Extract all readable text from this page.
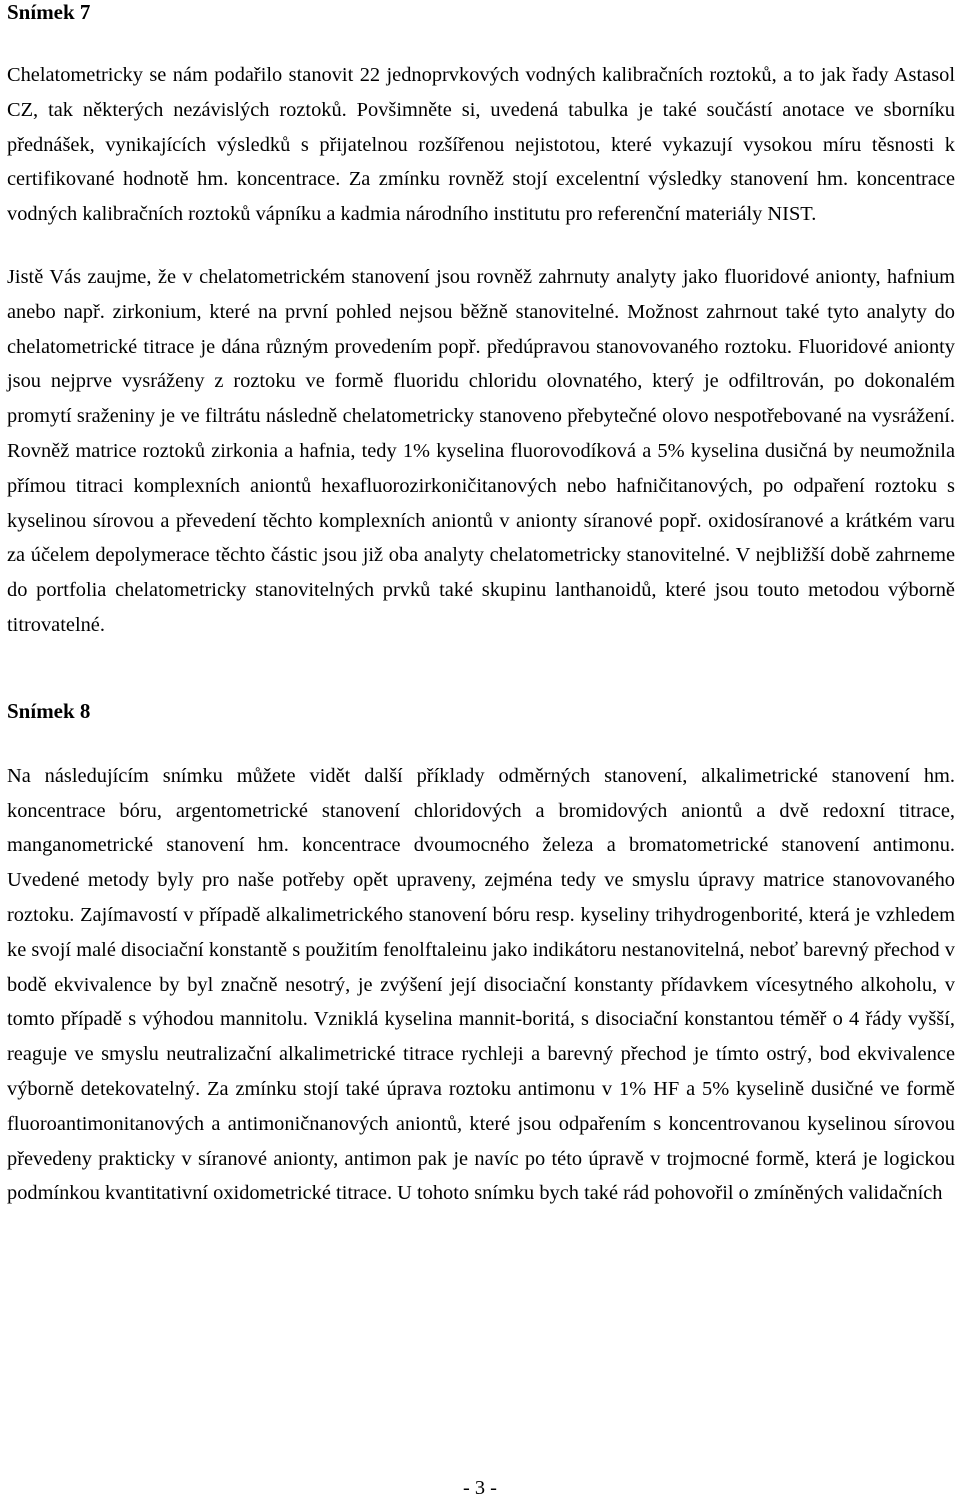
Snímek 7

Chelatometricky se nám podařilo stanovit 22 jednoprvkových vodných kalibračních roztoků, a to jak řady Astasol CZ, tak některých nezávislých roztoků. Povšimněte si, uvedená tabulka je také součástí anotace ve sborníku přednášek, vynikajících výsledků s přijatelnou rozšířenou nejistotou, které vykazují vysokou míru těsnosti k certifikované hodnotě hm. koncentrace. Za zmínku rovněž stojí excelentní výsledky stanovení hm. koncentrace vodných kalibračních roztoků vápníku a kadmia národního institutu pro referenční materiály NIST.

Jistě Vás zaujme, že v chelatometrickém stanovení jsou rovněž zahrnuty analyty jako fluoridové anionty, hafnium anebo např. zirkonium, které na první pohled nejsou běžně stanovitelné. Možnost zahrnout také tyto analyty do chelatometrické titrace je dána různým provedením popř. předúpravou stanovovaného roztoku. Fluoridové anionty jsou nejprve vysráženy z roztoku ve formě fluoridu chloridu olovnatého, který je odfiltrován, po dokonalém promytí sraženiny je ve filtrátu následně chelatometricky stanoveno přebytečné olovo nespotřebované na vysrážení. Rovněž matrice roztoků zirkonia a hafnia, tedy 1% kyselina fluorovodíková a 5% kyselina dusičná by neumožnila přímou titraci komplexních aniontů hexafluorozirkoničitanových nebo hafničitanových, po odpaření roztoku s kyselinou sírovou a převedení těchto komplexních aniontů v anionty síranové popř. oxidosíranové a krátkém varu za účelem depolymerace těchto částic jsou již oba analyty chelatometricky stanovitelné. V nejbližší době zahrneme do portfolia chelatometricky stanovitelných prvků také skupinu lanthanoidů, které jsou touto metodou výborně titrovatelné.

Snímek 8

Na následujícím snímku můžete vidět další příklady odměrných stanovení, alkalimetrické stanovení hm. koncentrace bóru, argentometrické stanovení chloridových a bromidových aniontů a dvě redoxní titrace, manganometrické stanovení hm. koncentrace dvoumocného železa a bromatometrické stanovení antimonu. Uvedené metody byly pro naše potřeby opět upraveny, zejména tedy ve smyslu úpravy matrice stanovovaného roztoku. Zajímavostí v případě alkalimetrického stanovení bóru resp. kyseliny trihydrogenborité, která je vzhledem ke svojí malé disociační konstantě s použitím fenolftaleinu jako indikátoru nestanovitelná, neboť barevný přechod v bodě ekvivalence by byl značně nesotrý, je zvýšení její disociační konstanty přídavkem vícesytného alkoholu, v tomto případě s výhodou mannitolu. Vzniklá kyselina mannit-boritá, s disociační konstantou téměř o 4 řády vyšší, reaguje ve smyslu neutralizační alkalimetrické titrace rychleji a barevný přechod je tímto ostrý, bod ekvivalence výborně detekovatelný. Za zmínku stojí také úprava roztoku antimonu v 1% HF a 5% kyselině dusičné ve formě fluoroantimonitanových a antimoničnanových aniontů, které jsou odpařením s koncentrovanou kyselinou sírovou převedeny prakticky v síranové anionty, antimon pak je navíc po této úpravě v trojmocné formě, která je logickou podmínkou kvantitativní oxidometrické titrace. U tohoto snímku bych také rád pohovořil o zmíněných validačních

- 3 -
